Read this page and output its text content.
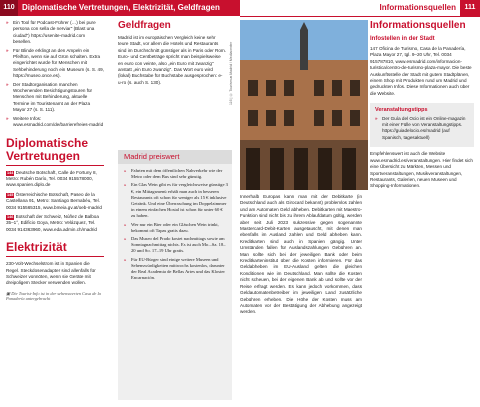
110 Diplomatische Vertretungen, Elektrizität, Geldfragen	Informationsquellen	111
» Ein Tool für Podcast-Führer (…) bei pure persona con sella de nerviar" (Blast una ciudad") https://usenite-madrid.com besellen.
» Für Blinde erklingt an den Ampeln ein Pfeifton, wenn sie auf Grün schalten. Extra eingerichtet wurde für Menschen mit Sehbehinderung noch ein Museum (s. S. 49, https://museo.once.es).
» Der Stadtorganisation manchen Wochenenden Besichtigungstouren für Menschen mit Behinderung, aktuelle Termine im Touristenamt an der Plaza Mayor 27 (s. S. 111).
» Weitere Infos: www.esmadrid.com/de/barrierefreies-madrid
Diplomatische Vertretungen
144 Deutsche Botschaft, Calle de Fortuny 8, Metro: Rubén Darío, Tel. 0034 915578000, www.spanien.diplo.de
145 Österreichische Botschaft, Paseo de la Castellana 91, Metro: Santiago Bernabéu, Tel. 0034 915565315, www.bmeia.gv.at/oeb-madrid
146 Botschaft der Schweiz, Núñez de Balboa 35–1°, Edificio Goya, Metro: Velázquez, Tel. 0034 914363960, www.eda.admin.ch/madrid
Elektrizität

230-Volt-Wechselstrom ist in Spanien die Regel. Steckdosenadapter sind allenfalls für Schweizer vonnöten, wenn sie Geräte mit dreipoligem Stecker verwenden wollen.

▣ Die Tourist-Info ist in der sehenswerten Casa de la Panadería untergebracht
Geldfragen

Madrid ist im europäischen Vergleich keine sehr teure Stadt, vor allem die Hotels und Restaurants sind im Durchschnitt günstiger als in Paris oder Rom. Euro- und Centbeträge spricht man beispielsweise en euro con veinte, also „ein Euro mit zwanzig" anstatt „ein Euro zwanzig". Das Wort euro wird (lokal) Buchstabe für Buchstabe ausgesprochen: e-u-ro (s. auch S. 130).

Madrid preiswert
» Fahrten mit dem öffentlichen Nahverkehr wie der Metro oder dem Bus sind sehr günstig.
» Ein Glas Wein gibt es für vergleichsweise günstige 3 €, ein Mittagsmenü erhält man auch in besseren Restaurants oft schon für weniger als 15 € inklusive Getränk. Und eine Überraschung im Doppelzimmer in einem einfachen Hostal ist schon für unter 60 € zu haben.
» Wer nur ein Bier oder ein Gläschen Wein trinkt, bekommt oft Tapas gratis dazu.
» Das Museo del Prado kostet nachmittags sowie am Sonntagnachmittag nichts. Es ist auch Mo.–Sa. 18–20 und So. 17–19 Uhr gratis.
» Für EU-Bürger sind einige weitere Museen und Sehenswürdigkeiten mittwochs kostenlos, darunter der Real Academia de Bellas Artes und das Kloster Encarnación.
116 | © Tourismus Madrid / Mediacenter

Innerhalb Europas kann man mit der Debitkarte (in Deutschland auch als Girocard bekannt) problemlos zahlen und am Automaten Geld abheben. Debitkarten mit Maestro-Funktion sind nicht bis zu ihrem Ablaufdatum gültig, werden aber seit Juli 2023 sukzessive gegen sogenannte Mastercard-Debit-Karten ausgetauscht, mit denen man ebenfalls im Ausland zahlen und Geld abheben kann. Kreditkarten sind auch in Spanien gängig. Unter Umständen fallen für Auslandszahlungen Gebühren an. Man sollte sich bei der jeweiligen Bank oder beim Kreditkarteninstitut über die Kosten informieren. Für das Geldabheben im EU-Ausland gelten die gleichen Konditionen wie im Deutschland. Man sollte die Kosten nicht scheuen, bei der eigenen Bank ab und sollte vor der Reise erfragt werden. Es kann jedoch vorkommen, dass Geldautomatenbetreiber im jeweiligen Land zusätzliche Gebühren erheben. Die Höhe der Kosten muss am Automaten vor der Bestätigung der Abhebung angezeigt werden.

Informationsquellen
Infostellen in der Stadt

147 Oficina de Turismo, Casa de la Panadería, Plaza Mayor 27, tgl. 9–20 Uhr, Tel. 0034 915787810, www.esmadrid.com/informacion-turistica/centro-de-turismo-plaza-mayor. Die beste Auskunftsstelle der Stadt mit gutem Stadtplänen, einem Shop mit Produkten rund um Madrid und gedruckten Infos. Diese Informationen auch über die Website.

Veranstaltungstipps
» Der Guía del Ocio ist ein Online-magazin mit einer Fülle von Veranstaltungstipps. https://guiadelocio.es/madrid (auf Spanisch, tagesaktuell)

Empfehlenswert ist auch die Website www.esmadrid.es/veranstaltungen. Hier findet sich eine Übersicht zu Märkten, Messen und Sportveranstaltungen, Musikveranstaltungen, Restaurants, Galerien, neuen Museen und Shopping-Informationen.
